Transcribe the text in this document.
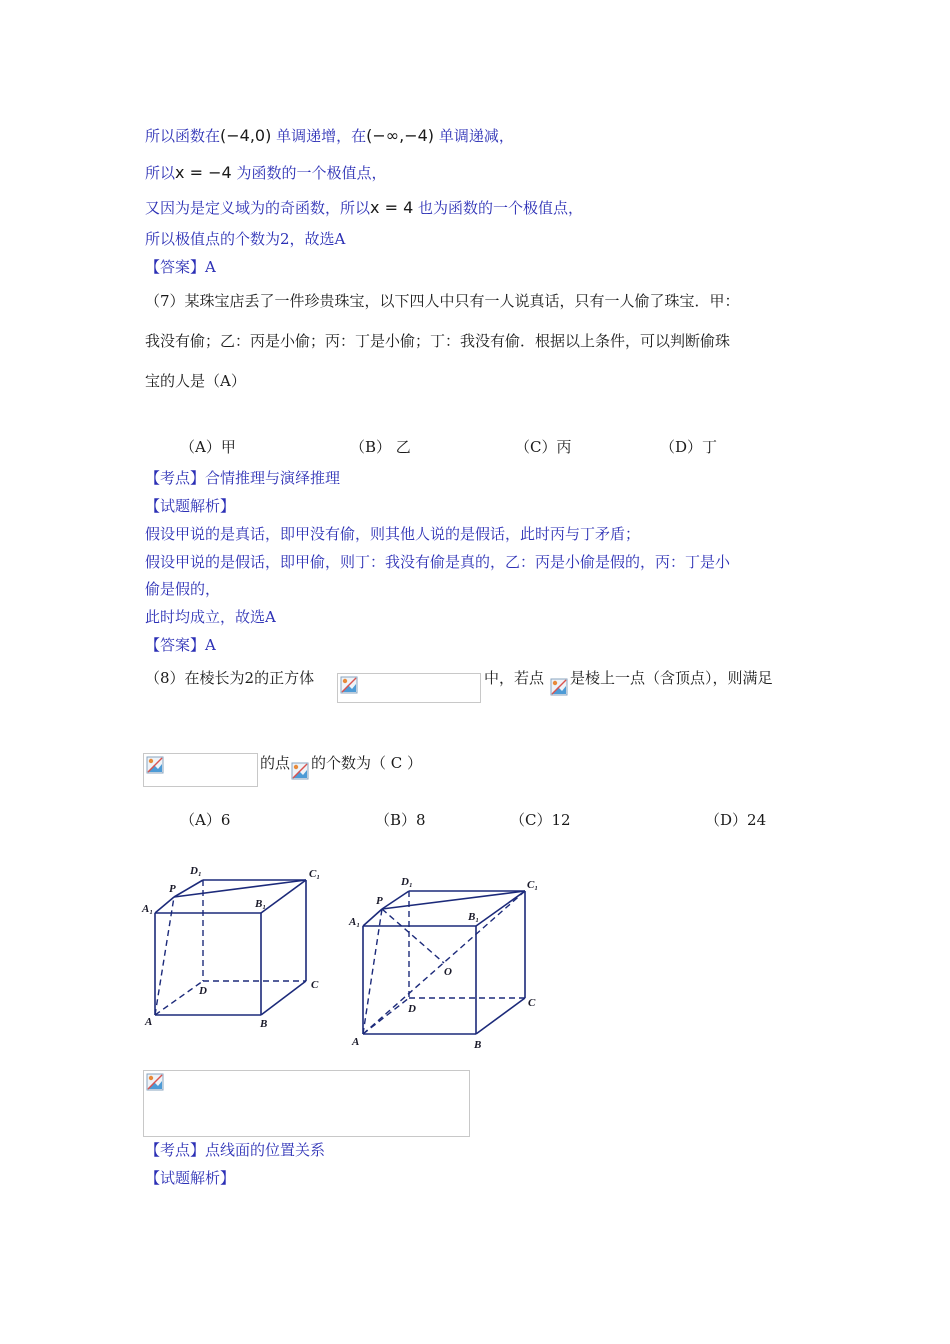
所以函数在(−4,0) 单调递增，在(−∞,−4) 单调递减，
所以x = −4 为函数的一个极值点，
又因为是定义域为的奇函数，所以x = 4 也为函数的一个极值点，
所以极值点的个数为2，故选A
【答案】A
（7）某珠宝店丢了一件珍贵珠宝，以下四人中只有一人说真话，只有一人偷了珠宝．甲：
我没有偷；乙：丙是小偷；丙：丁是小偷；丁：我没有偷．根据以上条件，可以判断偷珠
宝的人是（A）
（A）甲	（B） 乙	（C）丙	（D）丁
【考点】合情推理与演绎推理
【试题解析】
假设甲说的是真话，即甲没有偷，则其他人说的是假话，此时丙与丁矛盾；
假设甲说的是假话，即甲偷，则丁：我没有偷是真的，乙：丙是小偷是假的，丙：丁是小
偷是假的，
此时均成立，故选A
【答案】A
（8）在棱长为2的正方体	中，若点 是棱上一点（含顶点），则满足
的点 的个数为（ C ）
（A）6	（B）8	（C）12	（D）24
D₁	C₁
A₁	B₁
P
D	C
A	B
D₁	C₁
A₁	B₁
P
O
D	C
A	B
【考点】点线面的位置关系
【试题解析】
